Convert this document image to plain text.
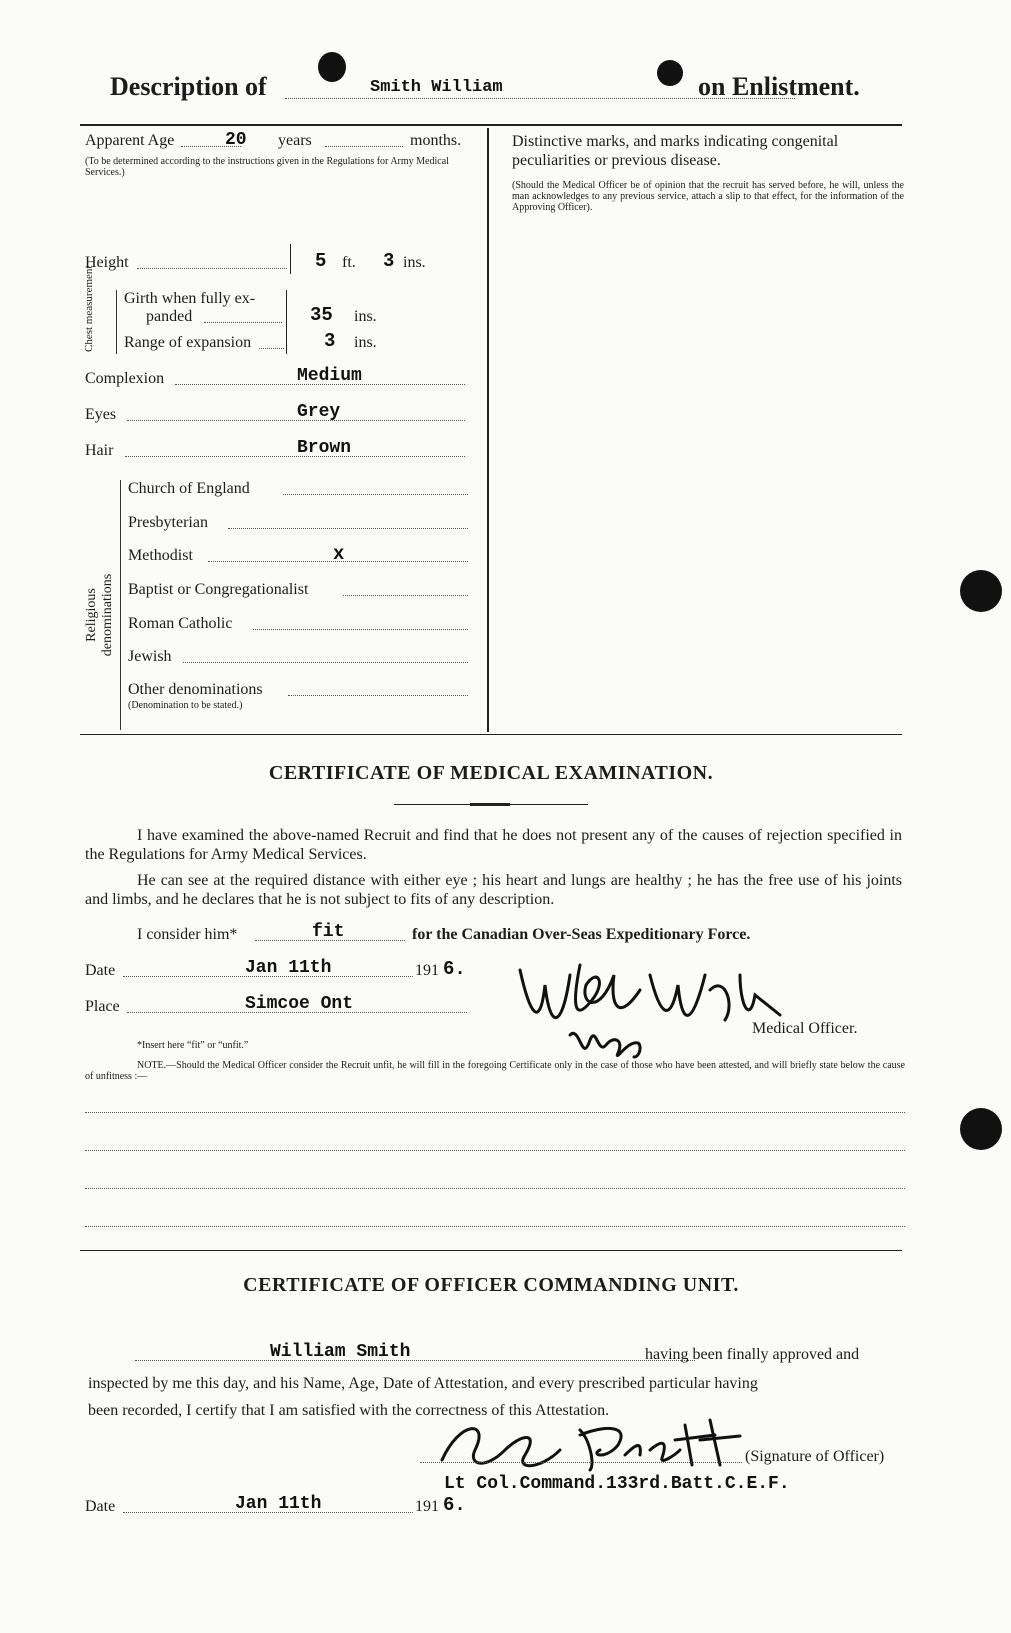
Description of	Smith William	on Enlistment.
Apparent Age	20 years	months.
(To be determined according to the instructions given in the Regulations for Army Medical Services.)
Height	5 ft. 3 ins.
Chest measurement Girth when fully ex-
panded	35 ins.
Range of expansion	3 ins.
Complexion	Medium
Eyes	Grey
Hair	Brown
Religious denominations
Church of England
Presbyterian
Methodist	x
Baptist or Congregationalist
Roman Catholic
Jewish
Other denominations
(Denomination to be stated.)
Distinctive marks, and marks indicating congenital peculiarities or previous disease.
(Should the Medical Officer be of opinion that the recruit has served before, he will, unless the man acknowledges to any previous service, attach a slip to that effect, for the information of the Approving Officer).
CERTIFICATE OF MEDICAL EXAMINATION.
I have examined the above-named Recruit and find that he does not present any of the causes of rejection specified in the Regulations for Army Medical Services.
He can see at the required distance with either eye ; his heart and lungs are healthy ; he has the free use of his joints and limbs, and he declares that he is not subject to fits of any description.
I consider him*	fit	for the Canadian Over-Seas Expeditionary Force.
Date	Jan 11th	191 6.
Place	Simcoe Ont
Medical Officer.
*Insert here “fit” or “unfit.”
NOTE.—Should the Medical Officer consider the Recruit unfit, he will fill in the foregoing Certificate only in the case of those who have been attested, and will briefly state below the cause of unfitness :—
CERTIFICATE OF OFFICER COMMANDING UNIT.
William Smith	having been finally approved and
inspected by me this day, and his Name, Age, Date of Attestation, and every prescribed particular having
been recorded, I certify that I am satisfied with the correctness of this Attestation.
(Signature of Officer)
Lt Col.Command.133rd.Batt.C.E.F.
Date	Jan 11th	191 6.
